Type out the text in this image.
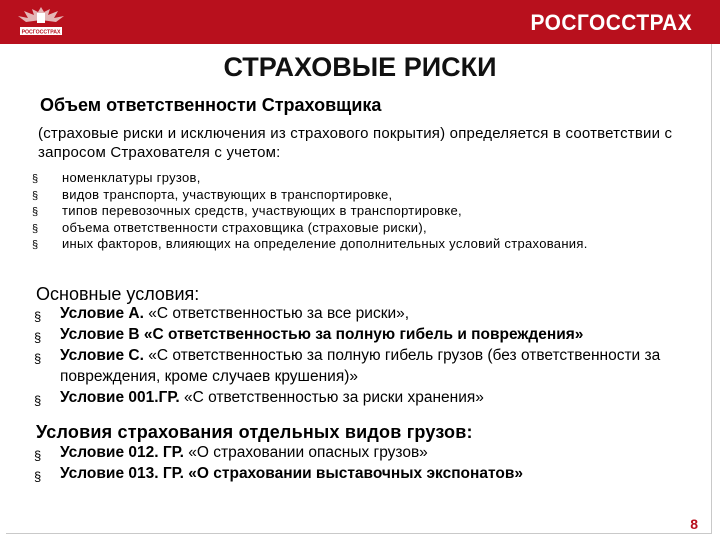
РОСГОССТРАХ	РОСГОССТРАХ
СТРАХОВЫЕ РИСКИ
Объем ответственности Страховщика
(страховые риски и исключения из страхового покрытия) определяется в соответствии с запросом Страхователя с учетом:
§ номенклатуры грузов,
§ видов транспорта, участвующих в транспортировке,
§ типов перевозочных средств, участвующих в транспортировке,
§ объема ответственности страховщика (страховые риски),
§ иных факторов, влияющих на определение дополнительных условий страхования.
Основные условия:
§ Условие А. «С ответственностью за все риски»,
§ Условие В «С ответственностью за полную гибель и повреждения»
§ Условие С. «С ответственностью за полную гибель грузов (без ответственности за повреждения, кроме случаев крушения)»
§ Условие 001.ГР. «С ответственностью за риски хранения»
Условия страхования отдельных видов грузов:
§ Условие 012. ГР. «О страховании опасных грузов»
§ Условие 013. ГР. «О страховании выставочных экспонатов»
8
